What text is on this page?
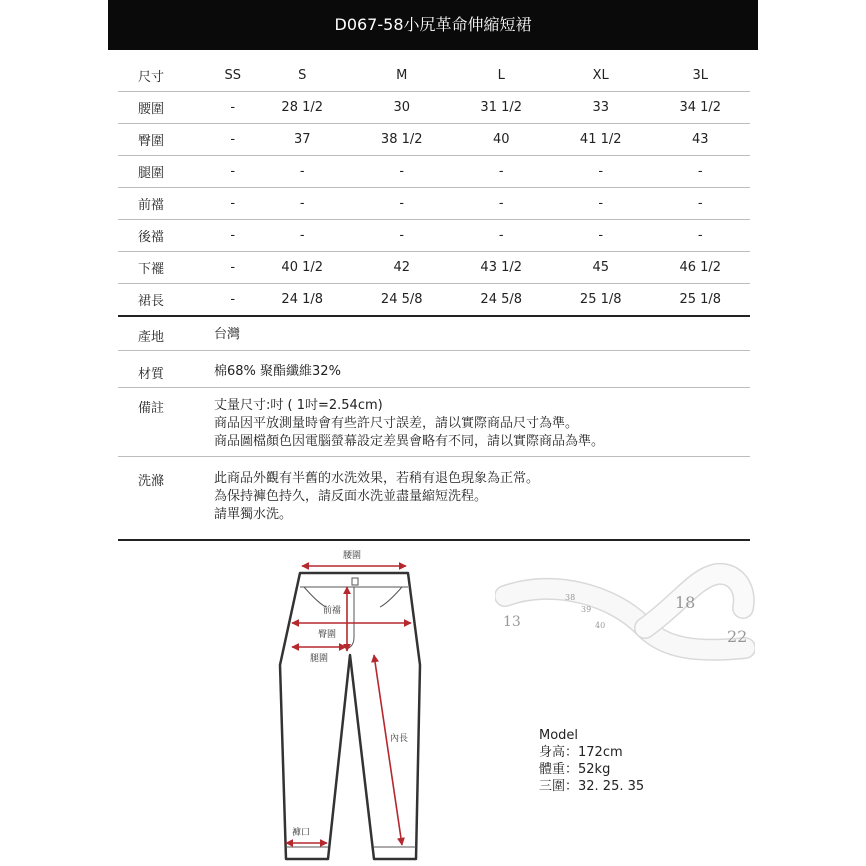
D067-58小尻革命伸縮短裙
尺寸	SS	S	M	L	XL	3L
腰圍	-	28 1/2	30	31 1/2	33	34 1/2
臀圍	-	37	38 1/2	40	41 1/2	43
腿圍	-	-	-	-	-	-
前襠	-	-	-	-	-	-
後襠	-	-	-	-	-	-
下襬	-	40 1/2	42	43 1/2	45	46 1/2
裙長	-	24 1/8	24 5/8	24 5/8	25 1/8	25 1/8
產地	台灣
材質	棉68% 聚酯纖維32%
備註	丈量尺寸:吋 ( 1吋=2.54cm)
商品因平放測量時會有些許尺寸誤差，請以實際商品尺寸為準。
商品圖檔顏色因電腦螢幕設定差異會略有不同，請以實際商品為準。
洗滌	此商品外觀有半舊的水洗效果，若稍有退色現象為正常。
為保持褲色持久，請反面水洗並盡量縮短洗程。
請單獨水洗。
腰圍
前襠
臀圍
腿圍
內長
褲口
18
22
13
38
39
40
Model
身高：172cm
體重：52kg
三圍：32. 25. 35
